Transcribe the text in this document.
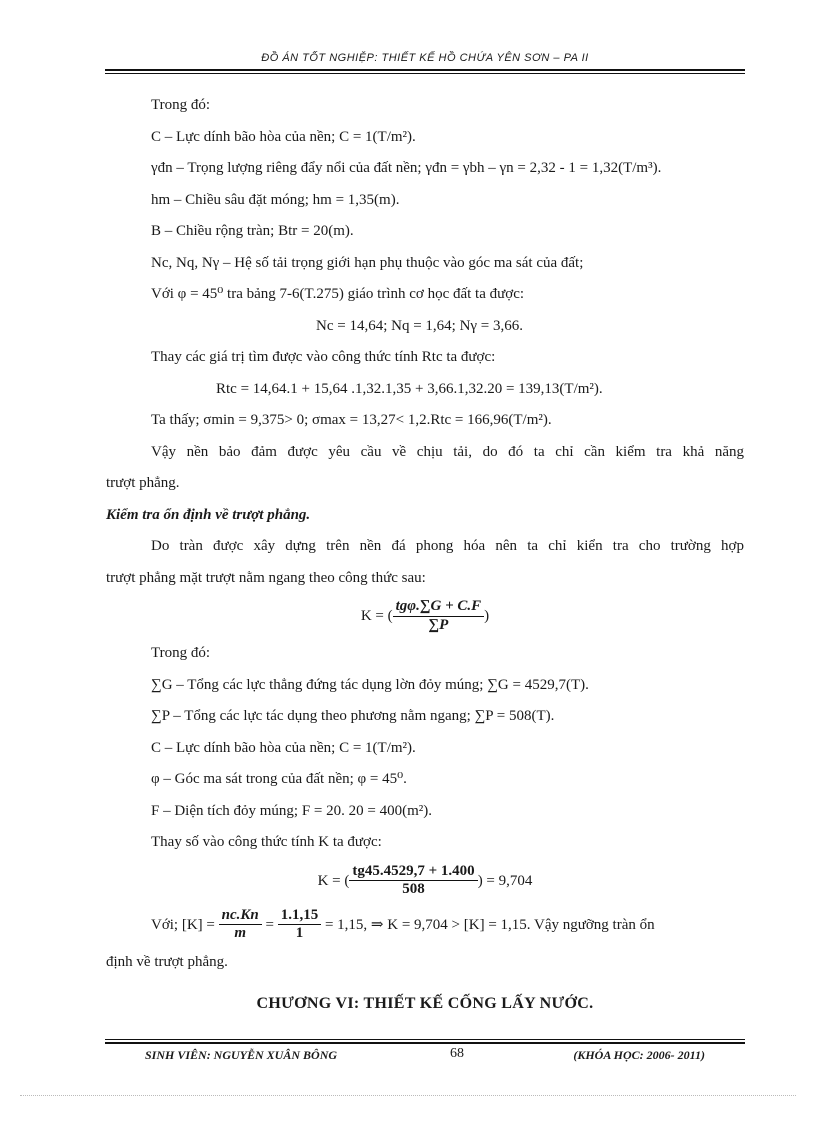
ĐỒ ÁN TỐT NGHIỆP: THIẾT KẾ HỒ CHỨA YÊN SƠN – PA II

Trong đó:

C – Lực dính bão hòa của nền; C = 1(T/m²).

γđn – Trọng lượng riêng đẩy nổi của đất nền; γđn = γbh – γn = 2,32 - 1 = 1,32(T/m³).

hm – Chiều sâu đặt móng; hm = 1,35(m).

B – Chiều rộng tràn; Btr = 20(m).

Nc, Nq, Nγ – Hệ số tải trọng giới hạn phụ thuộc vào góc ma sát của đất;

Với φ = 45⁰ tra bảng 7-6(T.275) giáo trình cơ học đất ta được:

Nc = 14,64; Nq = 1,64; Nγ = 3,66.

Thay các giá trị tìm được vào công thức tính Rtc ta được:

Rtc = 14,64.1 + 15,64 .1,32.1,35 + 3,66.1,32.20 = 139,13(T/m²).

Ta thấy; σmin = 9,375> 0; σmax = 13,27< 1,2.Rtc = 166,96(T/m²).

Vậy nền bảo đảm được yêu cầu về chịu tải, do đó ta chỉ cần kiểm tra khả năng

trượt phẳng.

Kiểm tra ổn định về trượt phẳng.

Do tràn được xây dựng trên nền đá phong hóa nên ta chỉ kiển tra cho trường hợp

trượt phẳng mặt trượt nằm ngang theo công thức sau:

K = ( $\frac{\text{tgφ.∑G + C.F}}{\sum P}$ )

Trong đó:

∑G – Tổng các lực thẳng đứng tác dụng lờn đỏy múng; ∑G = 4529,7(T).

∑P – Tổng các lực tác dụng theo phương nằm ngang; ∑P = 508(T).

C – Lực dính bão hòa của nền; C = 1(T/m²).

φ – Góc ma sát trong của đất nền; φ = 45⁰.

F – Diện tích đỏy múng; F = 20. 20 = 400(m²).

Thay số vào công thức tính K ta được:

K = ( $\frac{tg45.4529,7 + 1.400}{508}$ ) = 9,704
Với; [K] =
$\frac{nc.Kn}{m}$
=
$\frac{1.1,15}{1}$
= 1,15, ⇒ K = 9,704 > [K] = 1,15. Vậy ngưỡng tràn ổn

định về trượt phẳng.

CHƯƠNG VI: THIẾT KẾ CỐNG LẤY NƯỚC.

SINH VIÊN: NGUYỄN XUÂN BÔNG	68	(KHÓA HỌC: 2006- 2011)
